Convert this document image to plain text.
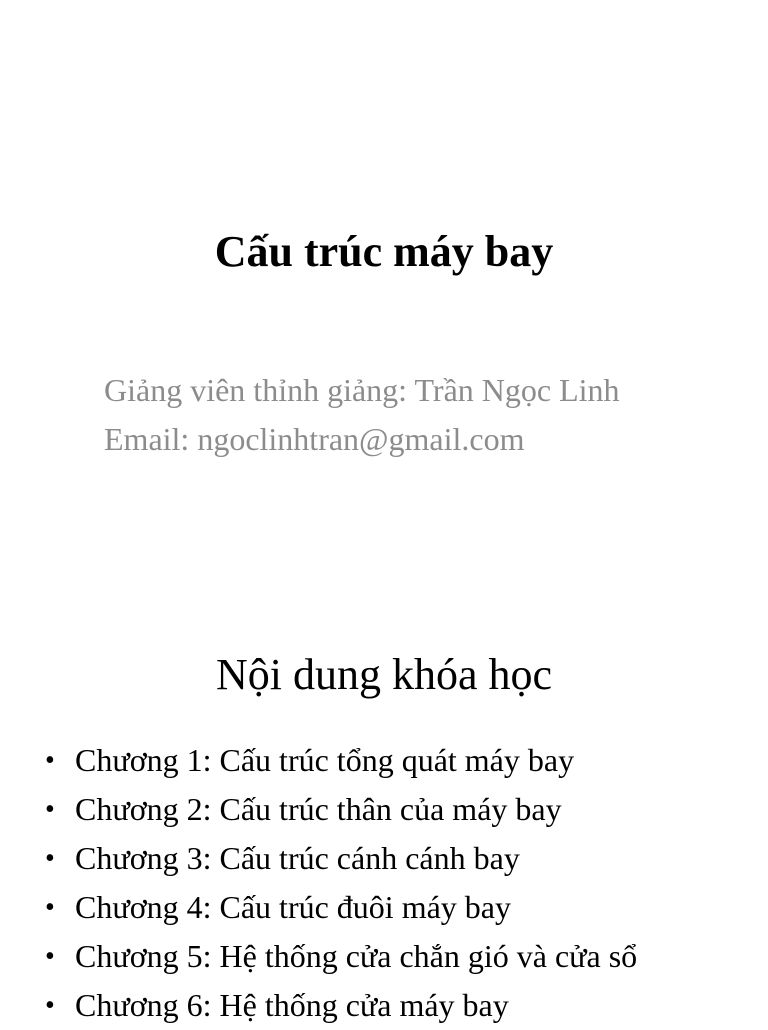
Cấu trúc máy bay
Giảng viên thỉnh giảng: Trần Ngọc Linh
Email: ngoclinhtran@gmail.com
Nội dung khóa học
• Chương 1: Cấu trúc tổng quát máy bay
• Chương 2: Cấu trúc thân của máy bay
• Chương 3: Cấu trúc cánh cánh bay
• Chương 4: Cấu trúc đuôi máy bay
• Chương 5: Hệ thống cửa chắn gió và cửa sổ
• Chương 6: Hệ thống cửa máy bay
